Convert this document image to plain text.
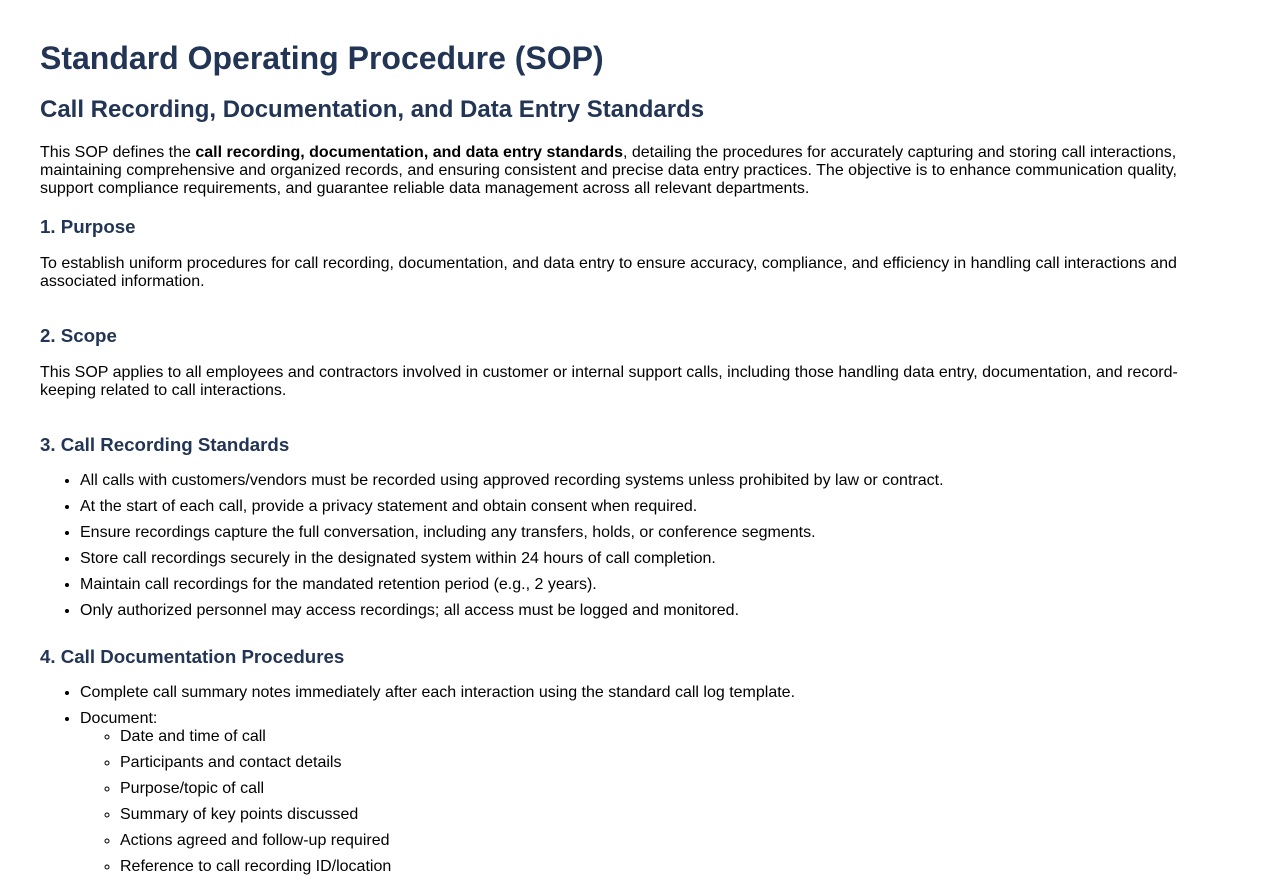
Standard Operating Procedure (SOP)
Call Recording, Documentation, and Data Entry Standards

This SOP defines the call recording, documentation, and data entry standards, detailing the procedures for accurately capturing and storing call interactions, maintaining comprehensive and organized records, and ensuring consistent and precise data entry practices. The objective is to enhance communication quality, support compliance requirements, and guarantee reliable data management across all relevant departments.

1. Purpose

To establish uniform procedures for call recording, documentation, and data entry to ensure accuracy, compliance, and efficiency in handling call interactions and associated information.

2. Scope

This SOP applies to all employees and contractors involved in customer or internal support calls, including those handling data entry, documentation, and record-keeping related to call interactions.

3. Call Recording Standards
• All calls with customers/vendors must be recorded using approved recording systems unless prohibited by law or contract.
• At the start of each call, provide a privacy statement and obtain consent when required.
• Ensure recordings capture the full conversation, including any transfers, holds, or conference segments.
• Store call recordings securely in the designated system within 24 hours of call completion.
• Maintain call recordings for the mandated retention period (e.g., 2 years).
• Only authorized personnel may access recordings; all access must be logged and monitored.
4. Call Documentation Procedures
• Complete call summary notes immediately after each interaction using the standard call log template.
• Document:
◦ Date and time of call
◦ Participants and contact details
◦ Purpose/topic of call
◦ Summary of key points discussed
◦ Actions agreed and follow-up required
◦ Reference to call recording ID/location
